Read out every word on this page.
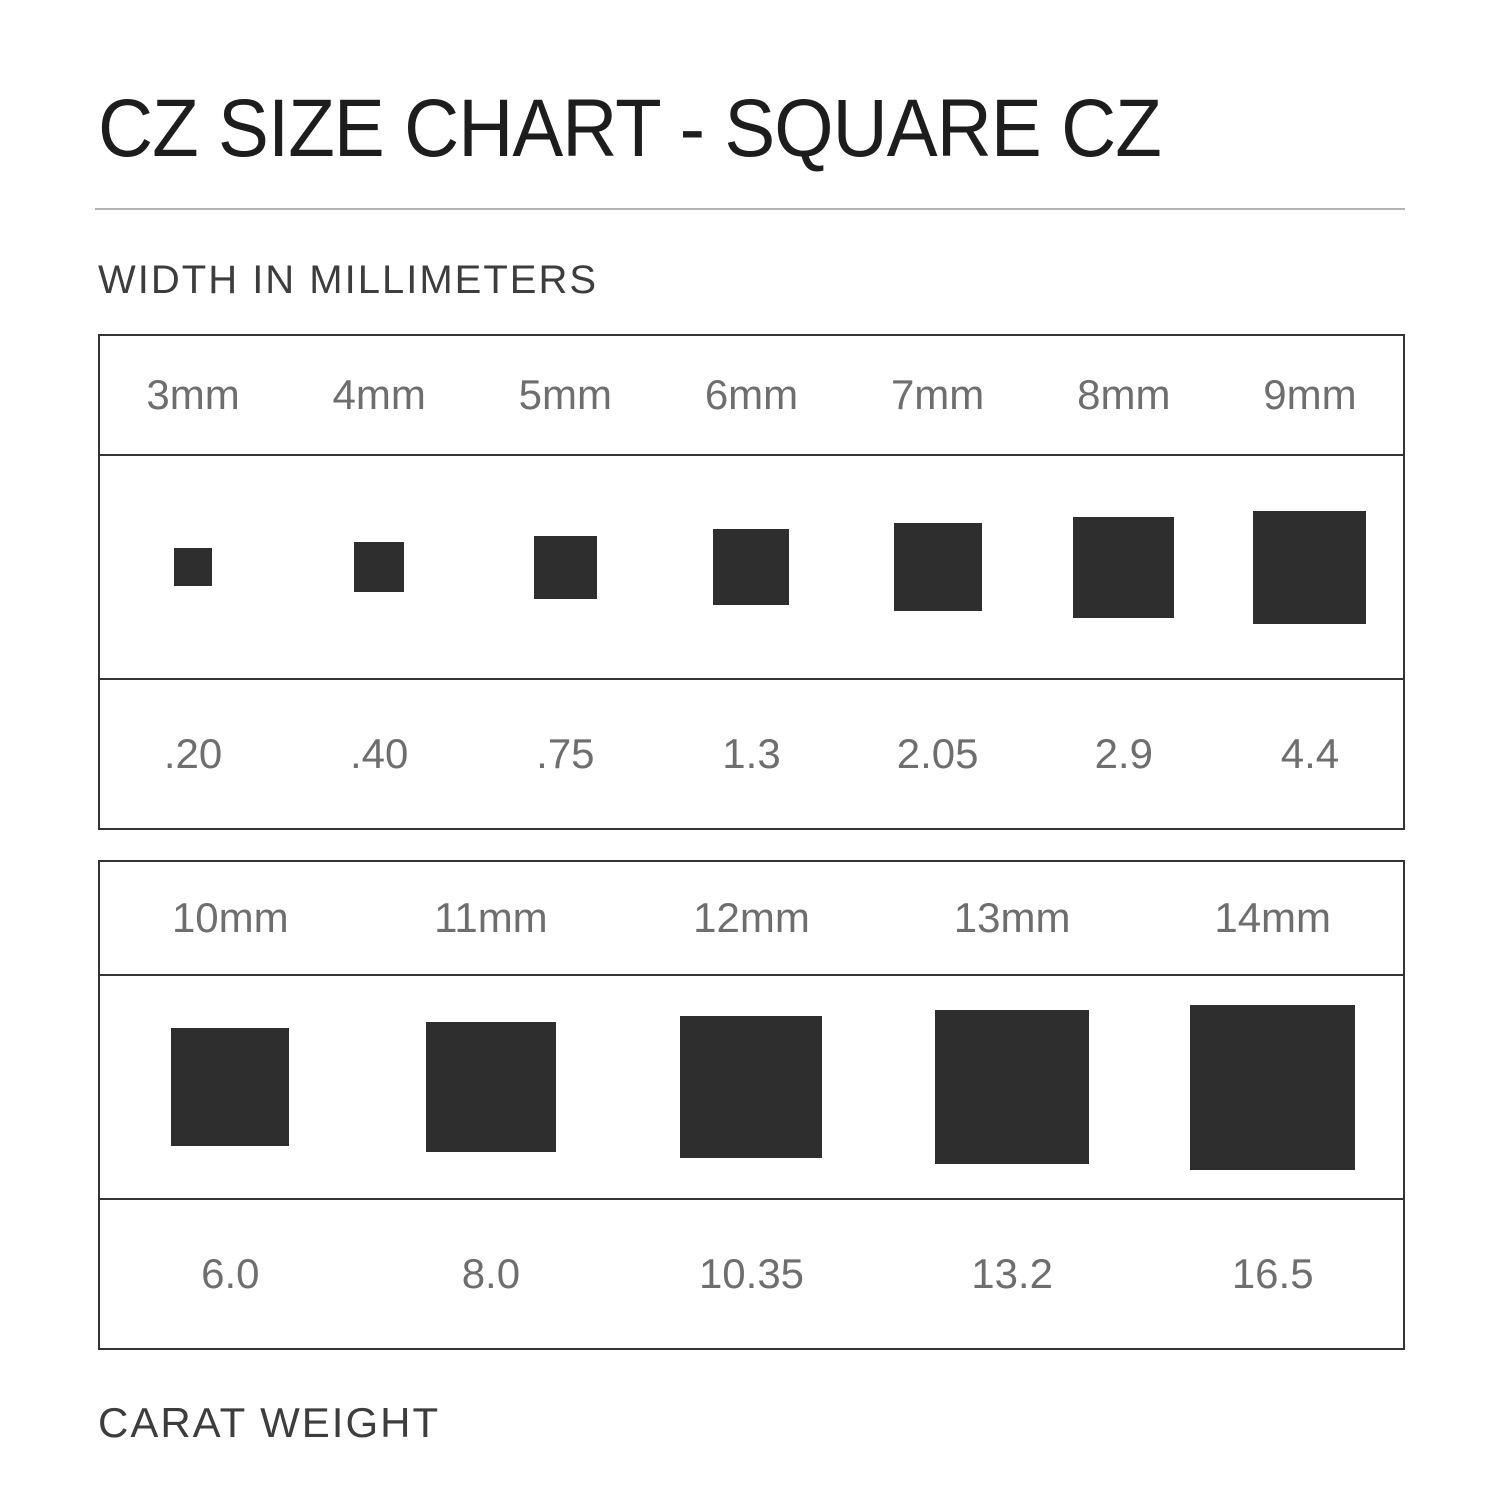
CZ SIZE CHART - SQUARE CZ
WIDTH IN MILLIMETERS
3mm 4mm 5mm 6mm 7mm 8mm 9mm
.20	.40	.75	1.3	2.05	2.9	4.4
10mm	11mm	12mm	13mm	14mm
6.0	8.0	10.35	13.2	16.5
CARAT WEIGHT
